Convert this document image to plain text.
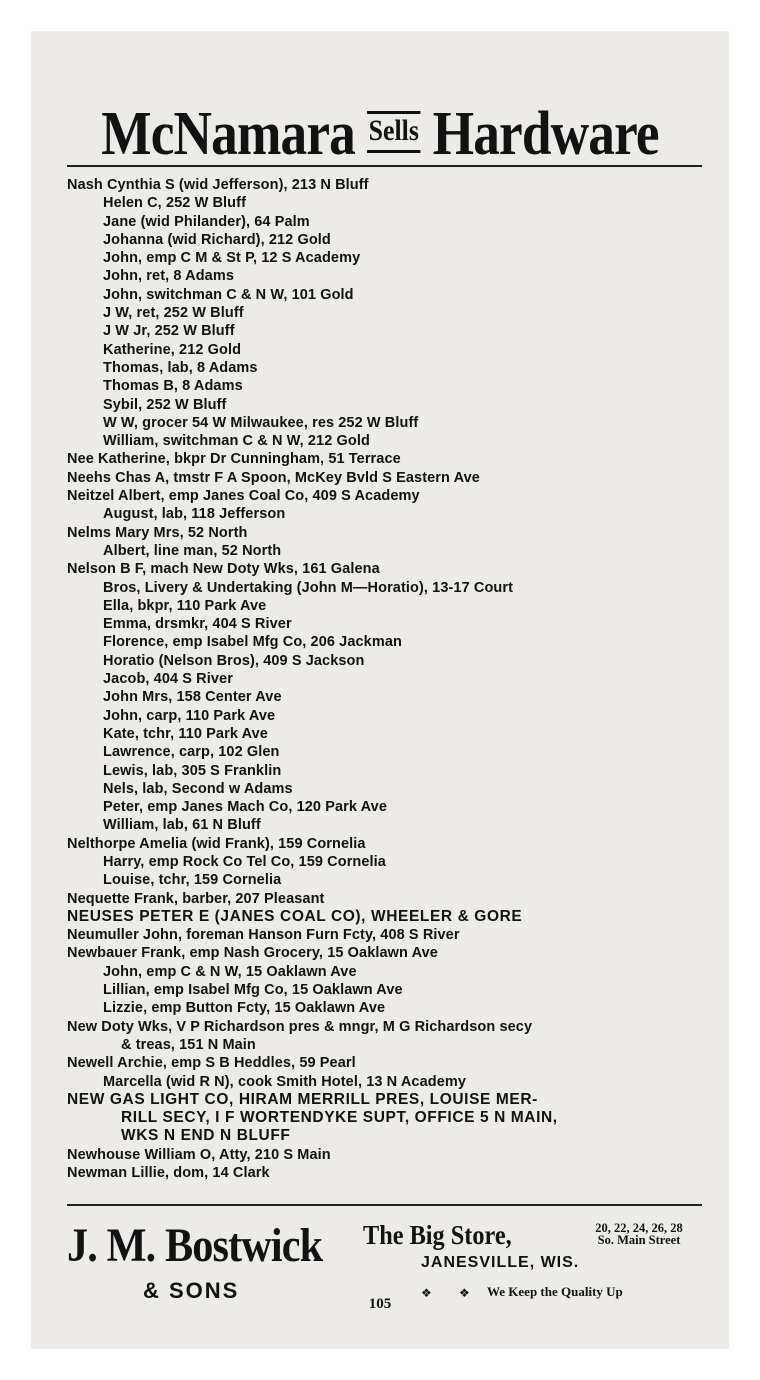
McNamara Sells Hardware
Nash Cynthia S (wid Jefferson), 213 N Bluff
Helen C, 252 W Bluff
Jane (wid Philander), 64 Palm
Johanna (wid Richard), 212 Gold
John, emp C M & St P, 12 S Academy
John, ret, 8 Adams
John, switchman C & N W, 101 Gold
J W, ret, 252 W Bluff
J W Jr, 252 W Bluff
Katherine, 212 Gold
Thomas, lab, 8 Adams
Thomas B, 8 Adams
Sybil, 252 W Bluff
W W, grocer 54 W Milwaukee, res 252 W Bluff
William, switchman C & N W, 212 Gold
Nee Katherine, bkpr Dr Cunningham, 51 Terrace
Neehs Chas A, tmstr F A Spoon, McKey Bvld S Eastern Ave
Neitzel Albert, emp Janes Coal Co, 409 S Academy
August, lab, 118 Jefferson
Nelms Mary Mrs, 52 North
Albert, line man, 52 North
Nelson B F, mach New Doty Wks, 161 Galena
Bros, Livery & Undertaking (John M—Horatio), 13-17 Court
Ella, bkpr, 110 Park Ave
Emma, drsmkr, 404 S River
Florence, emp Isabel Mfg Co, 206 Jackman
Horatio (Nelson Bros), 409 S Jackson
Jacob, 404 S River
John Mrs, 158 Center Ave
John, carp, 110 Park Ave
Kate, tchr, 110 Park Ave
Lawrence, carp, 102 Glen
Lewis, lab, 305 S Franklin
Nels, lab, Second w Adams
Peter, emp Janes Mach Co, 120 Park Ave
William, lab, 61 N Bluff
Nelthorpe Amelia (wid Frank), 159 Cornelia
Harry, emp Rock Co Tel Co, 159 Cornelia
Louise, tchr, 159 Cornelia
Nequette Frank, barber, 207 Pleasant
NEUSES PETER E (JANES COAL CO), WHEELER & GORE
Neumuller John, foreman Hanson Furn Fcty, 408 S River
Newbauer Frank, emp Nash Grocery, 15 Oaklawn Ave
John, emp C & N W, 15 Oaklawn Ave
Lillian, emp Isabel Mfg Co, 15 Oaklawn Ave
Lizzie, emp Button Fcty, 15 Oaklawn Ave
New Doty Wks, V P Richardson pres & mngr, M G Richardson secy
& treas, 151 N Main
Newell Archie, emp S B Heddles, 59 Pearl
Marcella (wid R N), cook Smith Hotel, 13 N Academy
NEW GAS LIGHT CO, HIRAM MERRILL PRES, LOUISE MER-
RILL SECY, I F WORTENDYKE SUPT, OFFICE 5 N MAIN,
WKS N END N BLUFF
Newhouse William O, Atty, 210 S Main
Newman Lillie, dom, 14 Clark
J. M. Bostwick
& SONS
The Big Store,	20, 22, 24, 26, 28
So. Main Street
JANESVILLE, WIS.
❖ ❖ We Keep the Quality Up
105
